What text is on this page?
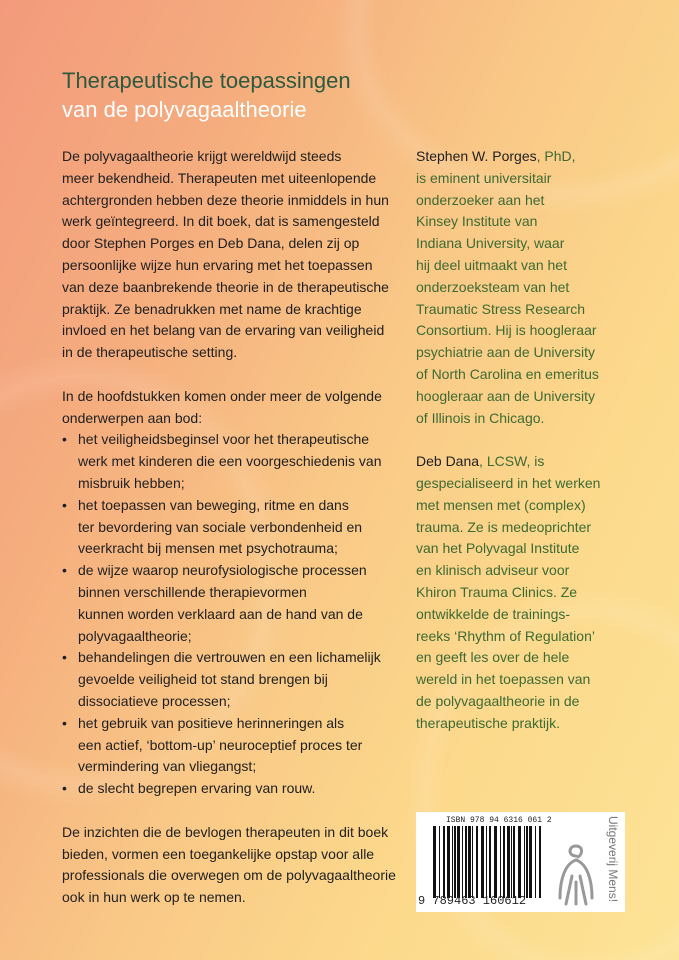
Therapeutische toepassingen
van de polyvagaaltheorie
De polyvagaaltheorie krijgt wereldwijd steeds
meer bekendheid. Therapeuten met uiteenlopende
achtergronden hebben deze theorie inmiddels in hun
werk geïntegreerd. In dit boek, dat is samengesteld
door Stephen Porges en Deb Dana, delen zij op
persoonlijke wijze hun ervaring met het toepassen
van deze baanbrekende theorie in de therapeutische
praktijk. Ze benadrukken met name de krachtige
invloed en het belang van de ervaring van veiligheid
in de therapeutische setting.
In de hoofdstukken komen onder meer de volgende
onderwerpen aan bod:
• het veiligheidsbeginsel voor het therapeutische
werk met kinderen die een voorgeschiedenis van
misbruik hebben;
• het toepassen van beweging, ritme en dans
ter bevordering van sociale verbondenheid en
veerkracht bij mensen met psychotrauma;
• de wijze waarop neurofysiologische processen
binnen verschillende therapievormen
kunnen worden verklaard aan de hand van de
polyvagaaltheorie;
• behandelingen die vertrouwen en een lichamelijk
gevoelde veiligheid tot stand brengen bij
dissociatieve processen;
• het gebruik van positieve herinneringen als
een actief, ‘bottom-up’ neuroceptief proces ter
vermindering van vliegangst;
• de slecht begrepen ervaring van rouw.
De inzichten die de bevlogen therapeuten in dit boek
bieden, vormen een toegankelijke opstap voor alle
professionals die overwegen om de polyvagaaltheorie
ook in hun werk op te nemen.
Stephen W. Porges, PhD,
is eminent universitair
onderzoeker aan het
Kinsey Institute van
Indiana University, waar
hij deel uitmaakt van het
onderzoeksteam van het
Traumatic Stress Research
Consortium. Hij is hoogleraar
psychiatrie aan de University
of North Carolina en emeritus
hoogleraar aan de University
of Illinois in Chicago.
Deb Dana, LCSW, is
gespecialiseerd in het werken
met mensen met (complex)
trauma. Ze is medeoprichter
van het Polyvagal Institute
en klinisch adviseur voor
Khiron Trauma Clinics. Ze
ontwikkelde de trainings-
reeks ‘Rhythm of Regulation’
en geeft les over de hele
wereld in het toepassen van
de polyvagaaltheorie in de
therapeutische praktijk.
ISBN 978 94 6316 061 2
9 789463 160612	Uitgeverij Mens!
